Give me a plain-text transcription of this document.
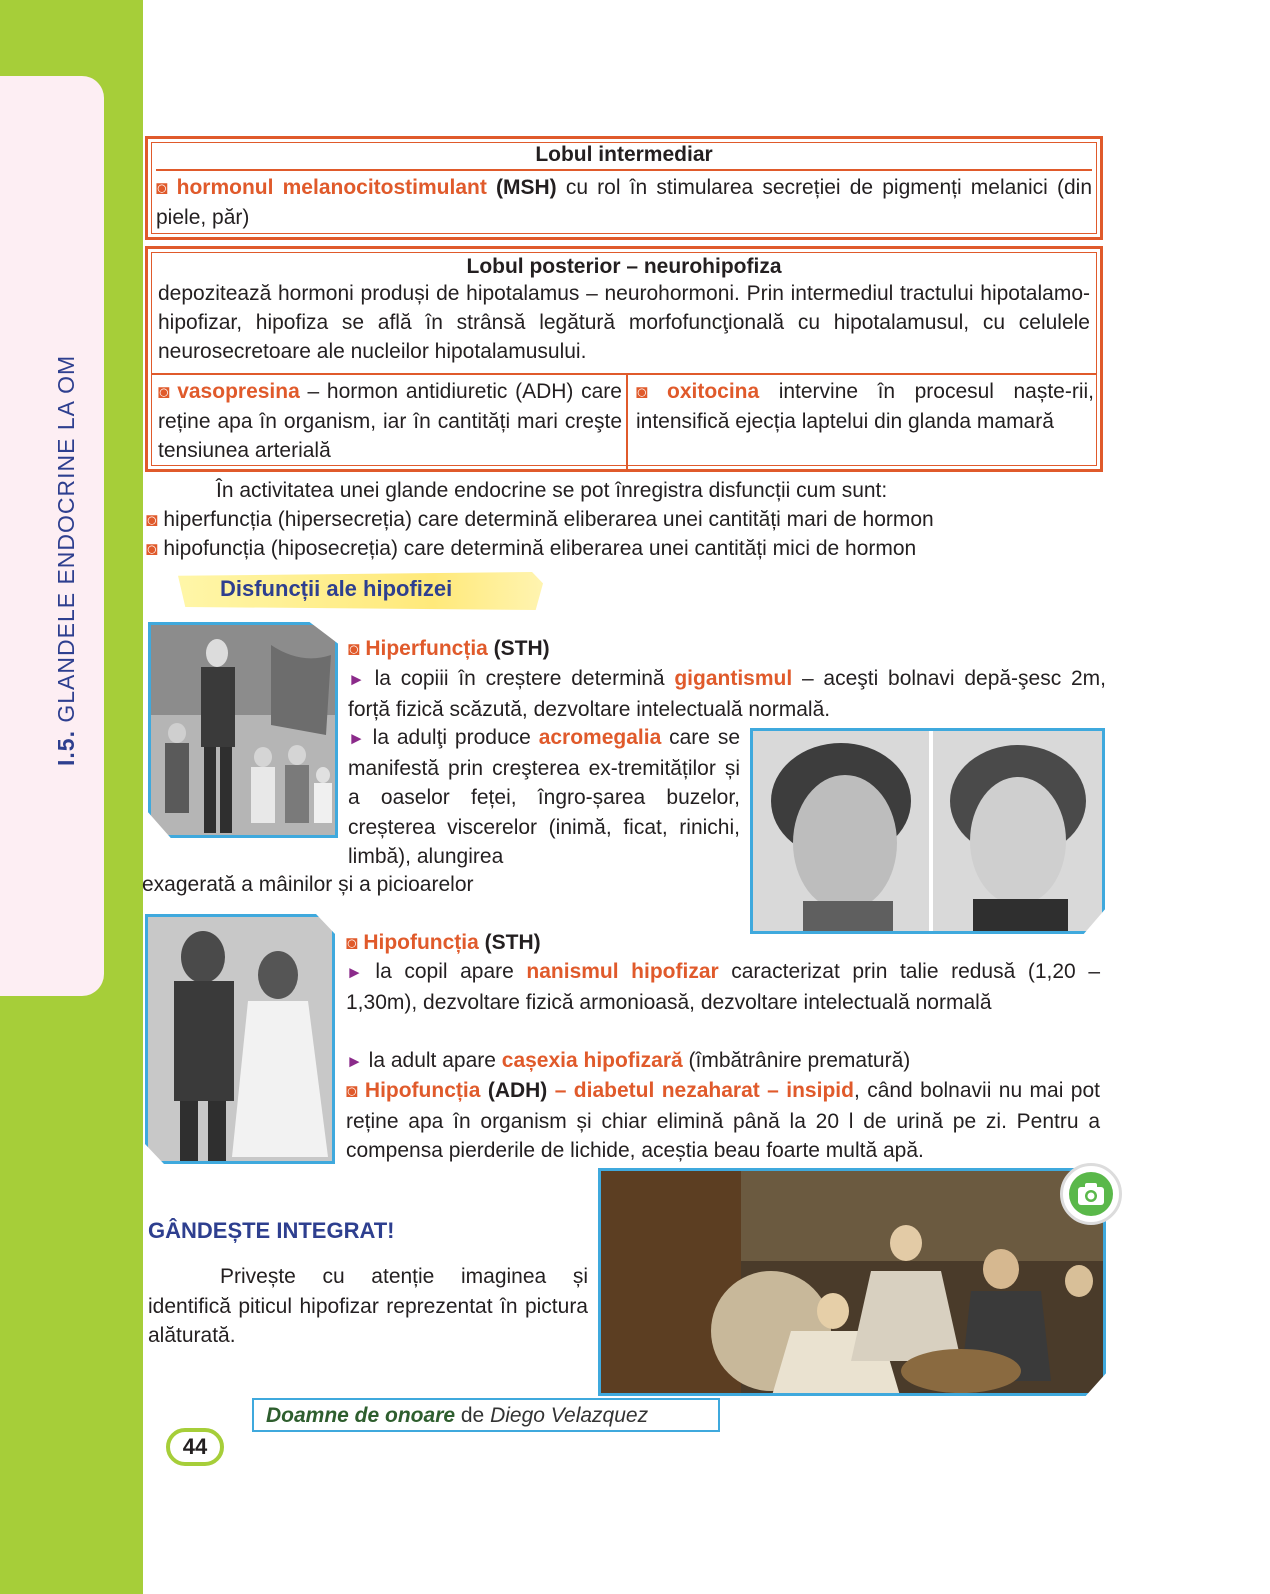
I.5. GLANDELE ENDOCRINE LA OM
Lobul intermediar
◙ hormonul melanocitostimulant (MSH) cu rol în stimularea secreției de pigmenți melanici (din piele, păr)
Lobul posterior – neurohipofiza
depozitează hormoni produși de hipotalamus – neurohormoni. Prin intermediul tractului hipotalamo-hipofizar, hipofiza se află în strânsă legătură morfofuncţională cu hipotalamusul, cu celulele neurosecretoare ale nucleilor hipotalamusului.
◙ vasopresina – hormon antidiuretic (ADH) care reține apa în organism, iar în cantități mari creşte tensiunea arterială
◙ oxitocina intervine în procesul naște-rii, intensifică ejecția laptelui din glanda mamară
În activitatea unei glande endocrine se pot înregistra disfuncții cum sunt:
◙ hiperfuncția (hipersecreția) care determină eliberarea unei cantități mari de hormon
◙ hipofuncția (hiposecreția) care determină eliberarea unei cantități mici de hormon
Disfuncții ale hipofizei
◙ Hiperfuncția (STH)
► la copiii în creștere determină gigantismul – aceşti bolnavi depă-şesc 2m, forță fizică scăzută, dezvoltare intelectuală normală.
► la adulţi produce acromegalia care se manifestă prin creşterea ex-tremităților și a oaselor feței, îngro-șarea buzelor, creșterea viscerelor (inimă, ficat, rinichi, limbă), alungirea
exagerată a mâinilor și a picioarelor
◙ Hipofuncția (STH)
► la copil apare nanismul hipofizar caracterizat prin talie redusă (1,20 – 1,30m), dezvoltare fizică armonioasă, dezvoltare intelectuală normală
► la adult apare cașexia hipofizară (îmbătrânire prematură)
◙ Hipofuncția (ADH) – diabetul nezaharat – insipid, când bolnavii nu mai pot reține apa în organism și chiar elimină până la 20 l de urină pe zi. Pentru a compensa pierderile de lichide, aceștia beau foarte multă apă.
GÂNDEȘTE INTEGRAT!
Privește cu atenție imaginea și identifică piticul hipofizar reprezentat în pictura alăturată.
Doamne de onoare de Diego Velazquez
44
